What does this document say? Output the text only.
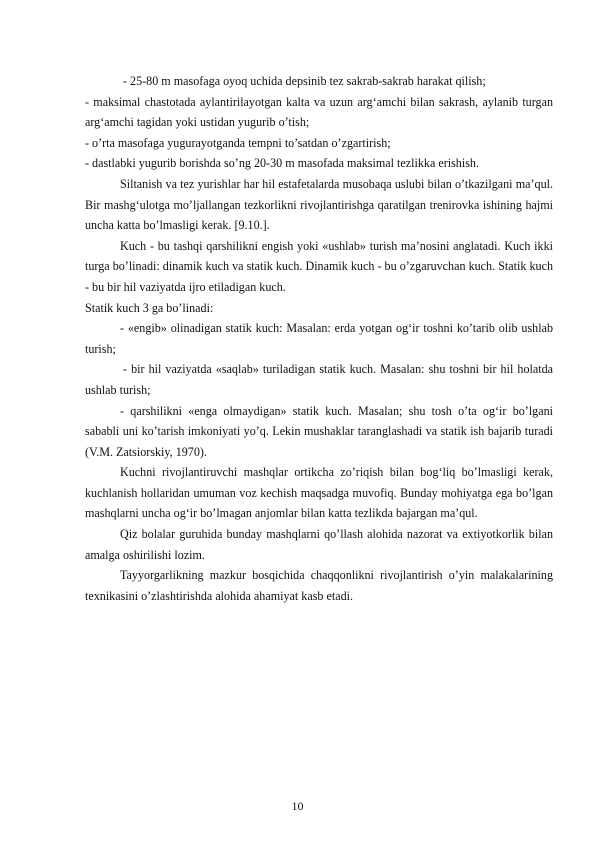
- 25-80 m masofaga oyoq uchida depsinib tez sakrab-sakrab harakat qilish;

- maksimal chastotada aylantirilayotgan kalta va uzun arg‘amchi bilan sakrash, aylanib turgan arg‘amchi tagidan yoki ustidan yugurib o’tish;

- o’rta masofaga yugurayotganda tempni to’satdan o’zgartirish;

- dastlabki yugurib borishda so’ng 20-30 m masofada maksimal tezlikka erishish.

Siltanish va tez yurishlar har hil estafetalarda musobaqa uslubi bilan o’tkazilgani ma’qul. Bir mashg‘ulotga mo’ljallangan tezkorlikni rivojlantirishga qaratilgan trenirovka ishining hajmi uncha katta bo’lmasligi kerak. [9.10.].

Kuch - bu tashqi qarshilikni engish yoki «ushlab» turish ma’nosini anglatadi. Kuch ikki turga bo’linadi: dinamik kuch va statik kuch. Dinamik kuch - bu o’zgaruvchan kuch. Statik kuch - bu bir hil vaziyatda ijro etiladigan kuch.

Statik kuch 3 ga bo’linadi:

- «engib» olinadigan statik kuch: Masalan: erda yotgan og‘ir toshni ko’tarib olib ushlab turish;

- bir hil vaziyatda «saqlab» turiladigan statik kuch. Masalan: shu toshni bir hil holatda ushlab turish;

- qarshilikni «enga olmaydigan» statik kuch. Masalan; shu tosh o’ta og‘ir bo’lgani sababli uni ko’tarish imkoniyati yo’q. Lekin mushaklar taranglashadi va statik ish bajarib turadi (V.M. Zatsiorskiy, 1970).

Kuchni rivojlantiruvchi mashqlar ortikcha zo’riqish bilan bog‘liq bo’lmasligi kerak, kuchlanish hollaridan umuman voz kechish maqsadga muvofiq. Bunday mohiyatga ega bo’lgan mashqlarni uncha og‘ir bo’lmagan anjomlar bilan katta tezlikda bajargan ma’qul.

Qiz bolalar guruhida bunday mashqlarni qo’llash alohida nazorat va extiyotkorlik bilan amalga oshirilishi lozim.

Tayyorgarlikning mazkur bosqichida chaqqonlikni rivojlantirish o’yin malakalarining texnikasini o’zlashtirishda alohida ahamiyat kasb etadi.

10
